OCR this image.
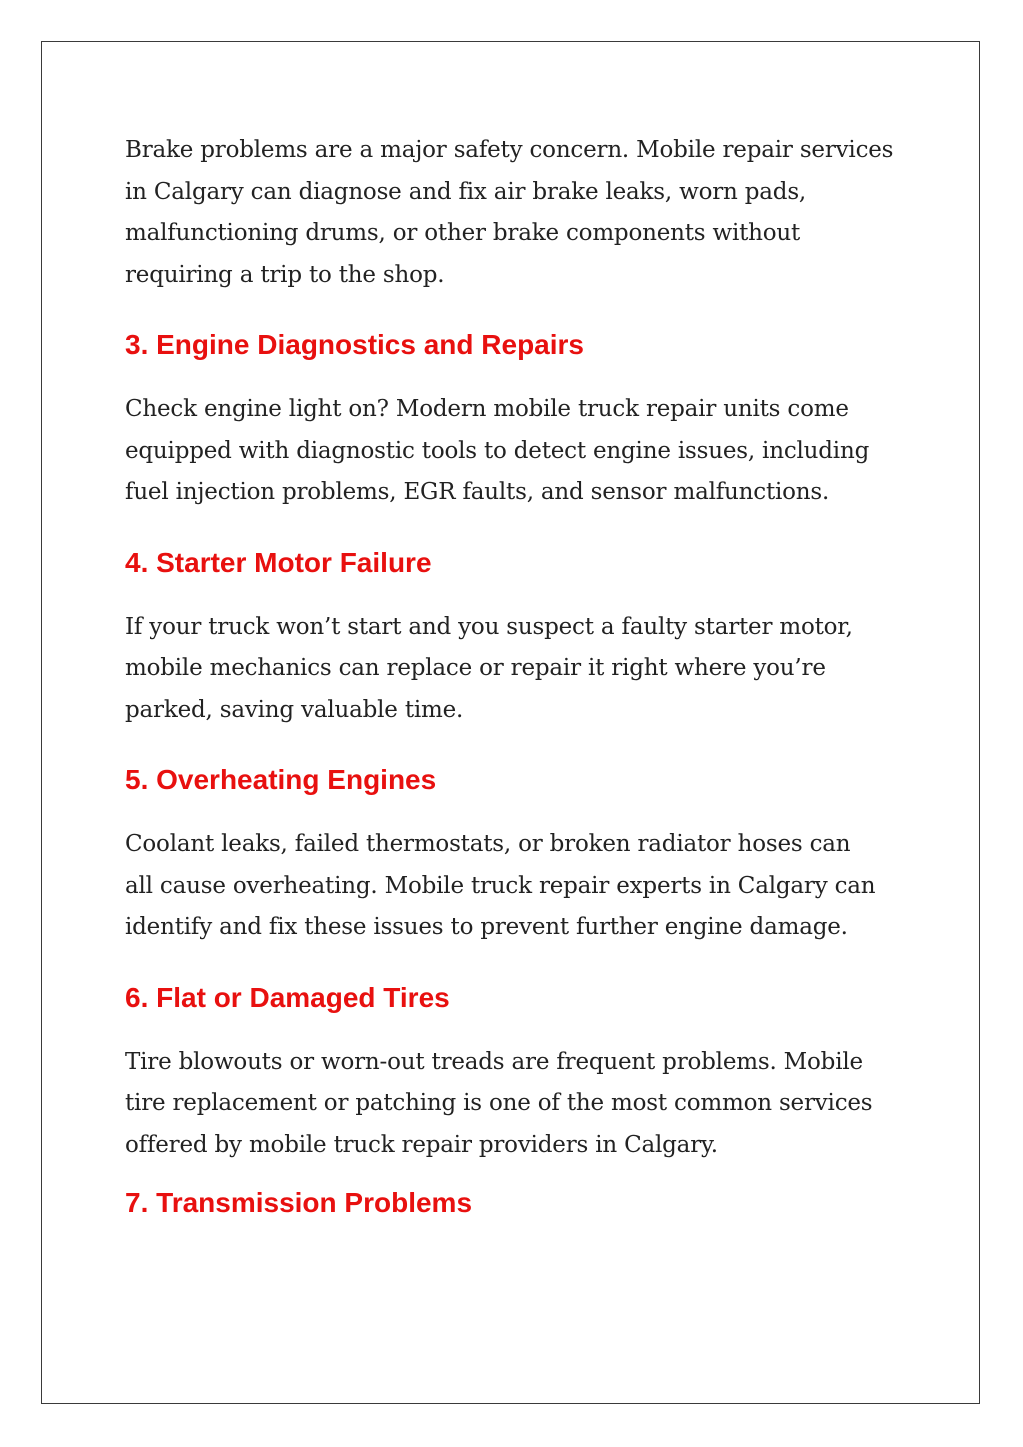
Brake problems are a major safety concern. Mobile repair services in Calgary can diagnose and fix air brake leaks, worn pads, malfunctioning drums, or other brake components without requiring a trip to the shop.

3. Engine Diagnostics and Repairs

Check engine light on? Modern mobile truck repair units come equipped with diagnostic tools to detect engine issues, including fuel injection problems, EGR faults, and sensor malfunctions.

4. Starter Motor Failure

If your truck won’t start and you suspect a faulty starter motor, mobile mechanics can replace or repair it right where you’re parked, saving valuable time.

5. Overheating Engines

Coolant leaks, failed thermostats, or broken radiator hoses can all cause overheating. Mobile truck repair experts in Calgary can identify and fix these issues to prevent further engine damage.

6. Flat or Damaged Tires

Tire blowouts or worn-out treads are frequent problems. Mobile tire replacement or patching is one of the most common services offered by mobile truck repair providers in Calgary.

7. Transmission Problems
